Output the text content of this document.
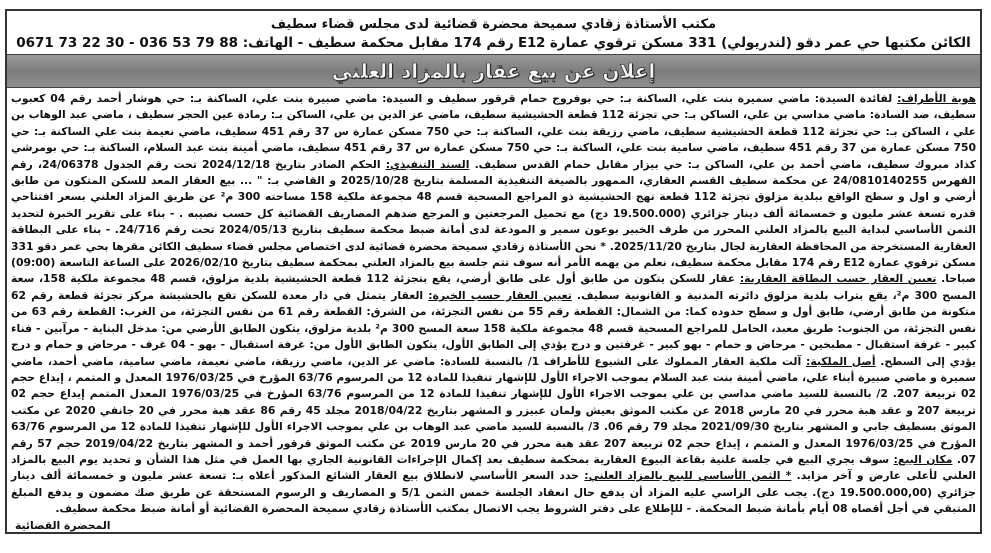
مكتب الأستاذة زقادي سميحة محضرة قضائية لدى مجلس قضاء سطيف
الكائن مكتبها حي عمر دقو (لندريولي) 331 مسكن ترقوي عمارة E12 رقم 174 مقابل محكمة سطيف - الهاتف: 88 79 53 036 - 30 22 73 0671
إعلان عن بيع عقار بالمزاد العلني
هوية الأطراف: لفائدة السيدة: ماضي سميرة بنت علي، الساكنة بـ: حي بوفروج حمام قرقور سطيف و السيدة: ماضي صبيرة بنت علي، الساكنة بـ: حي هوشار أحمد رقم 04 كعبوب سطيف، ضد السادة: ماضي مداسي بن علي، الساكن بـ: حي تجزئة 112 قطعة الحشيشية سطيف، ماضي عز الدين بن علي، الساكن بـ: رمادة عين الحجر سطيف ، ماضي عبد الوهاب بن علي ، الساكن بـ: حي تجزئة 112 قطعة الحشيشية سطيف، ماضي رزيقة بنت علي، الساكنة بـ: حي 750 مسكن عمارة س 37 رقم 451 سطيف، ماضي نعيمة بنت علي الساكنة بـ: حي 750 مسكن عمارة من 37 رقم 451 سطيف، ماضي سامية بنت علي، الساكنة بـ: حي 750 مسكن عمارة س 37 رقم 451 سطيف، ماضي أمينة بنت عبد السلام، الساكنة بـ: حي بومرشي كذاد مبروك سطيف، ماضي أحمد بن علي، الساكن بـ: حي بيزار مقابل حمام القدس سطيف. السند التنفيذي: الحكم الصادر بتاريخ 2024/12/18 تحت رقم الجدول 24/06378، رقم الفهرس 24/0810140255 عن محكمة سطيف القسم العقاري، الممهور بالصيغة التنفيذية المسلمة بتاريخ 2025/10/28 و القاضي بـ: " ... بيع العقار المعد للسكن المتكون من طابق أرضي و اول و سطح الواقع ببلدية مزلوق تجزئة 112 قطعة نهج الحشيشية ذو المراجع المسحية قسم 48 مجموعة ملكية 158 مساحته 300 م² عن طريق المزاد العلني بسعر افتتاحي قدره تسعة عشر مليون و خمسمائة ألف دينار جزائري (19.500.000 دج) مع تحميل المرجعتين و المرجع ضدهم المصاريف القضائية كل حسب نصيبه . - بناء على تقرير الخبرة لتحديد الثمن الأساسي لبداية البيع بالمزاد العلني المحرر من طرف الخبير بوعون سمير و المودعة لدى أمانة ضبط محكمة سطيف بتاريخ 2024/05/13 تحت رقم 24/716. - بناء على البطاقة العقارية المستخرجة من المحافظة العقارية لجال بتاريخ 2025/11/20. * نحن الأستاذة زقادي سميحة محضرة قضائية لدى اختصاص مجلس قضاء سطيف الكائن مقرها بحي عمر دقو 331 مسكن ترقوي عمارة E12 رقم 174 مقابل محكمة سطيف، نعلم من يهمه الأمر أنه سوف تتم جلسة بيع بالمزاد العلني بمحكمة سطيف بتاريخ 2026/02/10 على الساعة التاسعة (09:00) صباحا. تعيين العقار حسب البطاقة العقارية: عقار للسكن يتكون من طابق أول على طابق أرضي، يقع بتجزئة 112 قطعة الحشيشية بلدية مزلوق، قسم 48 مجموعة ملكية 158، سعة المسح 300 م²، يقع بتراب بلدية مزلوق دائرته المدنية و القانونية سطيف. تعيين العقار حسب الخبرة: العقار يتمثل في دار معدة للسكن تقع بالحشيشة مركز تجزئة قطعة رقم 62 متكونة من طابق أرضي، طابق أول و سطح حدوده كما: من الشمال: القطعة رقم 55 من نفس التجزئة، من الشرق: القطعة رقم 61 من نفس التجزئة، من الغرب: القطعة رقم 63 من نفس التجزئة، من الجنوب: طريق معبد، الحامل للمراجع المسحية قسم 48 مجموعة ملكية 158 سعة المسح 300 م² بلدية مزلوق، يتكون الطابق الأرضي من: مدخل البناية - مرآبين - فناء كبير - غرفة استقبال - مطبخين - مرحاض و حمام - بهو كبير - غرفتين و درج يؤدي إلى الطابق الأول، يتكون الطابق الأول من: غرفة استقبال - بهو - 04 غرف - مرحاض و حمام و درج يؤدي إلى السطح. أصل الملكية: آلت ملكية العقار المملوك على الشيوع للأطراف 1/ بالنسبة للسادة: ماضي عز الدين، ماضي رزيقة، ماضي نعيمة، ماضي سامية، ماضي أحمد، ماضي سميرة و ماضي صبيرة أبناء علي، ماضي أمينة بنت عبد السلام بموجب الاجراء الأول للإشهار تنفيذا للمادة 12 من المرسوم 63/76 المؤرخ في 1976/03/25 المعدل و المتمم ، إيداع حجم 02 تربيعة 207. 2/ بالنسبة للسيد ماضي مداسي بن علي بموجب الاجراء الأول للإشهار تنفيذا للمادة 12 من المرسوم 63/76 المؤرخ في 1976/03/25 المعدل المتمم إيداع حجم 02 تربيعة 207 و عقد هبة محرر في 20 مارس 2018 عن مكتب الموثق بعيش ولمان عبيزر و المشهر بتاريخ 2018/04/22 مجلد 45 رقم 86 عقد هبة محرر في 20 جانفي 2020 عن مكتب الموثق بسطيف جابي و المشهر بتاريخ 2021/09/30 مجلد 79 رقم 06. 3/ بالنسبة للسيد ماضي عبد الوهاب بن علي بموجب الاجراء الأول للإشهار تنفيذا للمادة 12 من المرسوم 63/76 المؤرخ في 1976/03/25 المعدل و المتمم ، إيداع حجم 02 تربيعة 207 عقد هبة محرر في 20 مارس 2019 عن مكتب الموثق قرقور أحمد و المشهر بتاريخ 2019/04/22 حجم 57 رقم 07. مكان البيع: سوف يجري البيع في جلسة علنية بقاعة البيوع العقارية بمحكمة سطيف بعد إكمال الإجراءات القانونية الجاري بها العمل في مثل هذا الشأن و تحديد يوم البيع بالمزاد العلني لأعلى عارض و آخر مزايد. * الثمن الأساسي للبيع بالمزاد العلني: حدد السعر الأساسي لانطلاق بيع العقار الشائع المذكور أعلاه بـ: تسعة عشر مليون و خمسمائة ألف دينار جزائري (19.500.000,00 دج). يجب على الراسي عليه المزاد أن يدفع حال انعقاد الجلسة خمس الثمن 5/1 و المصاريف و الرسوم المستحقة عن طريق صك مضمون و يدفع المبلغ المتبقي في أجل أقصاه 08 أيام بأمانة ضبط المحكمة. - للإطلاع على دفتر الشروط يجب الاتصال بمكتب الأستاذة زقادي سميحة المحضرة القضائية أو أمانة ضبط محكمة سطيف.
المحضرة القضائية
